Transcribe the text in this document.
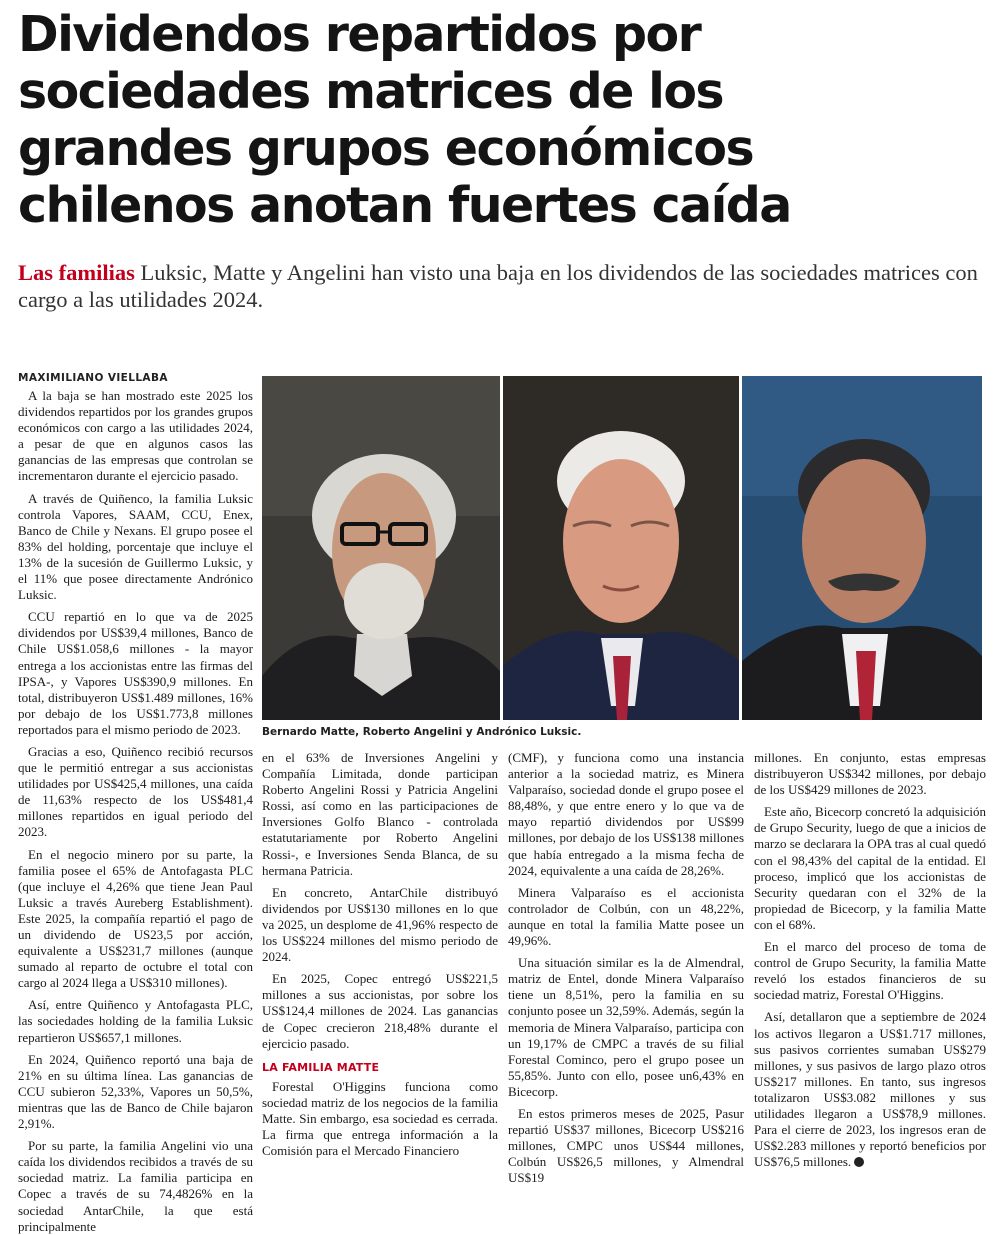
Dividendos repartidos por
sociedades matrices de los
grandes grupos económicos
chilenos anotan fuertes caída

Las familias Luksic, Matte y Angelini han visto una baja en los dividendos de las sociedades matrices con cargo a las utilidades 2024.

MAXIMILIANO VIELLABA

A la baja se han mostrado este 2025 los dividendos repartidos por los grandes grupos económicos con cargo a las utilidades 2024, a pesar de que en algunos casos las ganancias de las empresas que controlan se incrementaron durante el ejercicio pasado.

A través de Quiñenco, la familia Luksic controla Vapores, SAAM, CCU, Enex, Banco de Chile y Nexans. El grupo posee el 83% del holding, porcentaje que incluye el 13% de la sucesión de Guillermo Luksic, y el 11% que posee directamente Andrónico Luksic.

CCU repartió en lo que va de 2025 dividendos por US$39,4 millones, Banco de Chile US$1.058,6 millones - la mayor entrega a los accionistas entre las firmas del IPSA-, y Vapores US$390,9 millones. En total, distribuyeron US$1.489 millones, 16% por debajo de los US$1.773,8 millones reportados para el mismo periodo de 2023.

Gracias a eso, Quiñenco recibió recursos que le permitió entregar a sus accionistas utilidades por US$425,4 millones, una caída de 11,63% respecto de los US$481,4 millones repartidos en igual periodo del 2023.

En el negocio minero por su parte, la familia posee el 65% de Antofagasta PLC (que incluye el 4,26% que tiene Jean Paul Luksic a través Aureberg Establishment). Este 2025, la compañía repartió el pago de un dividendo de US23,5 por acción, equivalente a US$231,7 millones (aunque sumado al reparto de octubre el total con cargo al 2024 llega a US$310 millones).

Así, entre Quiñenco y Antofagasta PLC, las sociedades holding de la familia Luksic repartieron US$657,1 millones.

En 2024, Quiñenco reportó una baja de 21% en su última línea. Las ganancias de CCU subieron 52,33%, Vapores un 50,5%, mientras que las de Banco de Chile bajaron 2,91%.

Por su parte, la familia Angelini vio una caída los dividendos recibidos a través de su sociedad matriz. La familia participa en Copec a través de su 74,4826% en la sociedad AntarChile, la que está principalmente

Bernardo Matte, Roberto Angelini y Andrónico Luksic.

en el 63% de Inversiones Angelini y Compañía Limitada, donde participan Roberto Angelini Rossi y Patricia Angelini Rossi, así como en las participaciones de Inversiones Golfo Blanco - controlada estatutariamente por Roberto Angelini Rossi-, e Inversiones Senda Blanca, de su hermana Patricia.

En concreto, AntarChile distribuyó dividendos por US$130 millones en lo que va 2025, un desplome de 41,96% respecto de los US$224 millones del mismo periodo de 2024.

En 2025, Copec entregó US$221,5 millones a sus accionistas, por sobre los US$124,4 millones de 2024. Las ganancias de Copec crecieron 218,48% durante el ejercicio pasado.

LA FAMILIA MATTE

Forestal O'Higgins funciona como sociedad matriz de los negocios de la familia Matte. Sin embargo, esa sociedad es cerrada. La firma que entrega información a la Comisión para el Mercado Financiero

(CMF), y funciona como una instancia anterior a la sociedad matriz, es Minera Valparaíso, sociedad donde el grupo posee el 88,48%, y que entre enero y lo que va de mayo repartió dividendos por US$99 millones, por debajo de los US$138 millones que había entregado a la misma fecha de 2024, equivalente a una caída de 28,26%.

Minera Valparaíso es el accionista controlador de Colbún, con un 48,22%, aunque en total la familia Matte posee un 49,96%.

Una situación similar es la de Almendral, matriz de Entel, donde Minera Valparaíso tiene un 8,51%, pero la familia en su conjunto posee un 32,59%. Además, según la memoria de Minera Valparaíso, participa con un 19,17% de CMPC a través de su filial Forestal Cominco, pero el grupo posee un 55,85%. Junto con ello, posee un6,43% en Bicecorp.

En estos primeros meses de 2025, Pasur repartió US$37 millones, Bicecorp US$216 millones, CMPC unos US$44 millones, Colbún US$26,5 millones, y Almendral US$19

millones. En conjunto, estas empresas distribuyeron US$342 millones, por debajo de los US$429 millones de 2023.

Este año, Bicecorp concretó la adquisición de Grupo Security, luego de que a inicios de marzo se declarara la OPA tras al cual quedó con el 98,43% del capital de la entidad. El proceso, implicó que los accionistas de Security quedaran con el 32% de la propiedad de Bicecorp, y la familia Matte con el 68%.

En el marco del proceso de toma de control de Grupo Security, la familia Matte reveló los estados financieros de su sociedad matriz, Forestal O'Higgins.

Así, detallaron que a septiembre de 2024 los activos llegaron a US$1.717 millones, sus pasivos corrientes sumaban US$279 millones, y sus pasivos de largo plazo otros US$217 millones. En tanto, sus ingresos totalizaron US$3.082 millones y sus utilidades llegaron a US$78,9 millones. Para el cierre de 2023, los ingresos eran de US$2.283 millones y reportó beneficios por US$76,5 millones.
